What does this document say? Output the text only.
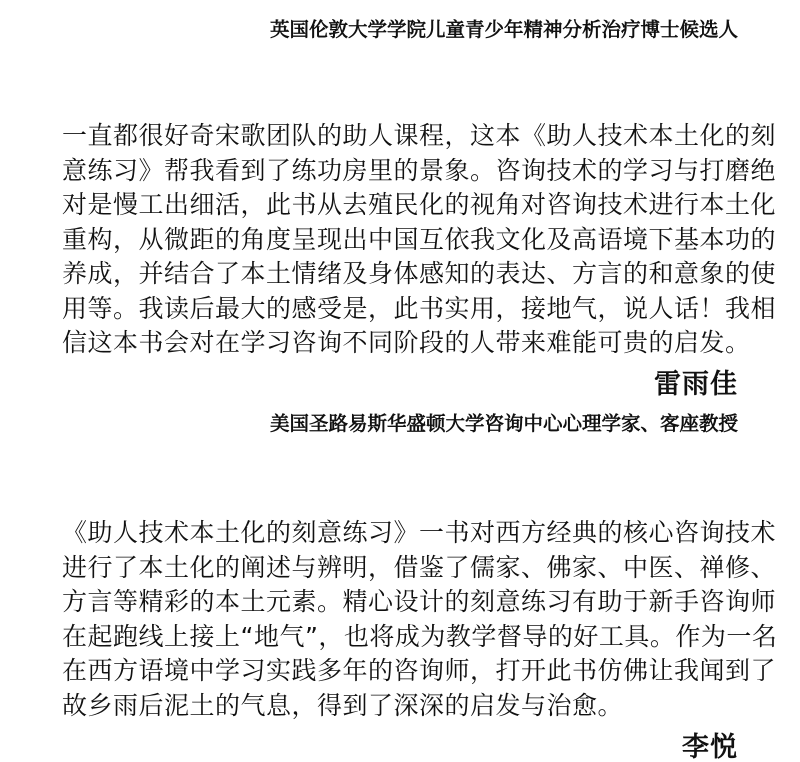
英国伦敦大学学院儿童青少年精神分析治疗博士候选人
一直都很好奇宋歌团队的助人课程，这本《助人技术本土化的刻
意练习》帮我看到了练功房里的景象。咨询技术的学习与打磨绝
对是慢工出细活，此书从去殖民化的视角对咨询技术进行本土化
重构，从微距的角度呈现出中国互依我文化及高语境下基本功的
养成，并结合了本土情绪及身体感知的表达、方言的和意象的使
用等。我读后最大的感受是，此书实用，接地气，说人话！我相
信这本书会对在学习咨询不同阶段的人带来难能可贵的启发。
雷雨佳
美国圣路易斯华盛顿大学咨询中心心理学家、客座教授
《助人技术本土化的刻意练习》一书对西方经典的核心咨询技术
进行了本土化的阐述与辨明，借鉴了儒家、佛家、中医、禅修、
方言等精彩的本土元素。精心设计的刻意练习有助于新手咨询师
在起跑线上接上“地气”，也将成为教学督导的好工具。作为一名
在西方语境中学习实践多年的咨询师，打开此书仿佛让我闻到了
故乡雨后泥土的气息，得到了深深的启发与治愈。
李悦
